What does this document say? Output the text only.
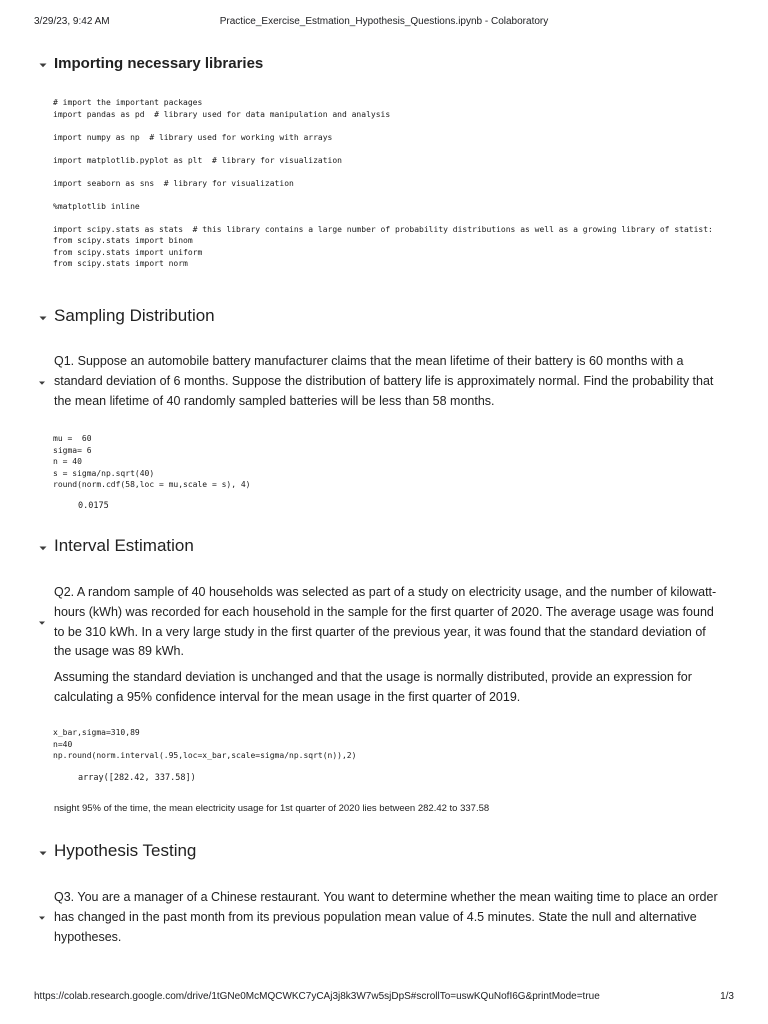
3/29/23, 9:42 AM	Practice_Exercise_Estmation_Hypothesis_Questions.ipynb - Colaboratory
Importing necessary libraries
# import the important packages
import pandas as pd  # library used for data manipulation and analysis

import numpy as np  # library used for working with arrays

import matplotlib.pyplot as plt  # library for visualization

import seaborn as sns  # library for visualization

%matplotlib inline

import scipy.stats as stats  # this library contains a large number of probability distributions as well as a growing library of statist:
from scipy.stats import binom
from scipy.stats import uniform
from scipy.stats import norm
Sampling Distribution

Q1. Suppose an automobile battery manufacturer claims that the mean lifetime of their battery is 60 months with a standard deviation of 6 months. Suppose the distribution of battery life is approximately normal. Find the probability that the mean lifetime of 40 randomly sampled batteries will be less than 58 months.

mu =  60
sigma= 6
n = 40
s = sigma/np.sqrt(40)
round(norm.cdf(58,loc = mu,scale = s), 4)
0.0175
Interval Estimation

Q2. A random sample of 40 households was selected as part of a study on electricity usage, and the number of kilowatt-hours (kWh) was recorded for each household in the sample for the first quarter of 2020. The average usage was found to be 310 kWh. In a very large study in the first quarter of the previous year, it was found that the standard deviation of the usage was 89 kWh.

Assuming the standard deviation is unchanged and that the usage is normally distributed, provide an expression for calculating a 95% confidence interval for the mean usage in the first quarter of 2019.

x_bar,sigma=310,89
n=40
np.round(norm.interval(.95,loc=x_bar,scale=sigma/np.sqrt(n)),2)
array([282.42, 337.58])
nsight 95% of the time, the mean electricity usage for 1st quarter of 2020 lies between 282.42 to 337.58
Hypothesis Testing

Q3. You are a manager of a Chinese restaurant. You want to determine whether the mean waiting time to place an order has changed in the past month from its previous population mean value of 4.5 minutes. State the null and alternative hypotheses.

https://colab.research.google.com/drive/1tGNe0McMQCWKC7yCAj3j8k3W7w5sjDpS#scrollTo=uswKQuNofI6G&printMode=true	1/3
